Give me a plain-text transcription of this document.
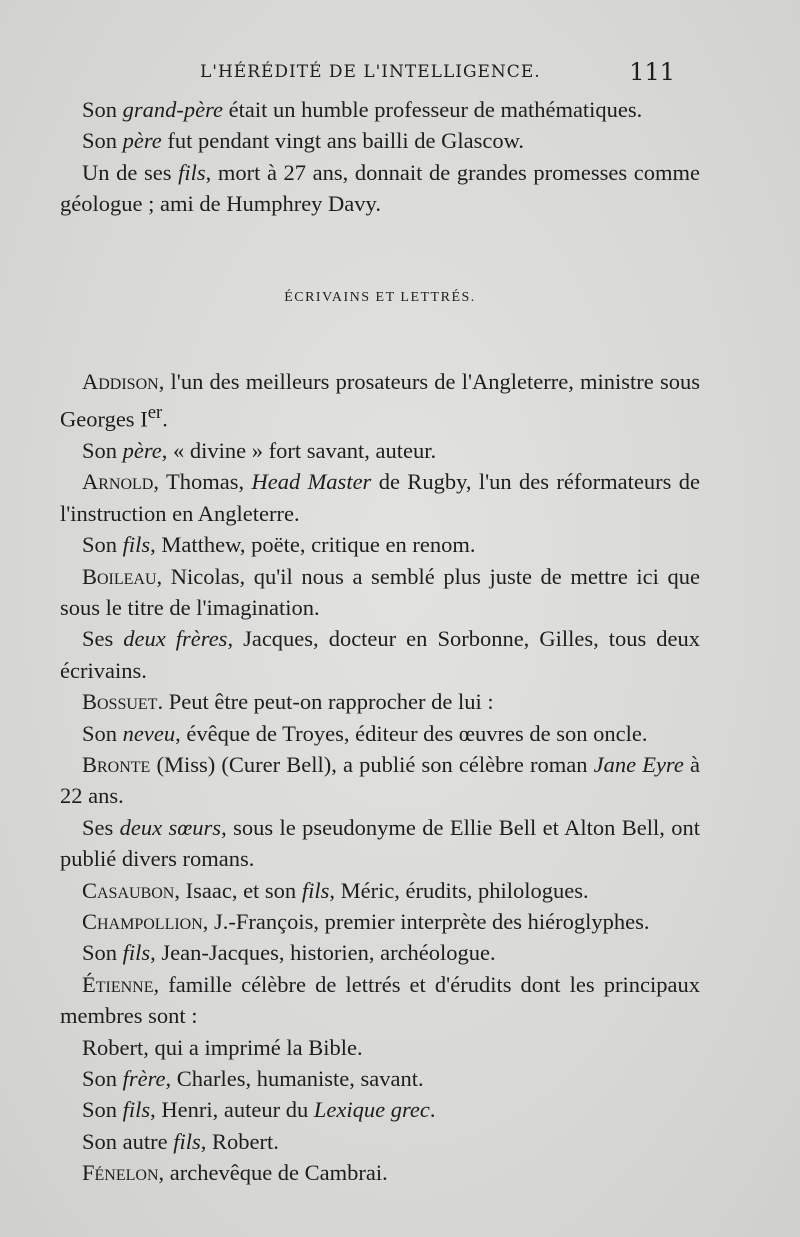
L'HÉRÉDITÉ DE L'INTELLIGENCE.	111

Son grand-père était un humble professeur de mathématiques.

Son père fut pendant vingt ans bailli de Glascow.

Un de ses fils, mort à 27 ans, donnait de grandes promesses comme géologue ; ami de Humphrey Davy.

ÉCRIVAINS ET LETTRÉS.

Addison, l'un des meilleurs prosateurs de l'Angleterre, ministre sous Georges Ier.

Son père, « divine » fort savant, auteur.

Arnold, Thomas, Head Master de Rugby, l'un des réformateurs de l'instruction en Angleterre.

Son fils, Matthew, poëte, critique en renom.

Boileau, Nicolas, qu'il nous a semblé plus juste de mettre ici que sous le titre de l'imagination.

Ses deux frères, Jacques, docteur en Sorbonne, Gilles, tous deux écrivains.

Bossuet. Peut être peut-on rapprocher de lui :

Son neveu, évêque de Troyes, éditeur des œuvres de son oncle.

Bronte (Miss) (Curer Bell), a publié son célèbre roman Jane Eyre à 22 ans.

Ses deux sœurs, sous le pseudonyme de Ellie Bell et Alton Bell, ont publié divers romans.

Casaubon, Isaac, et son fils, Méric, érudits, philologues.

Champollion, J.-François, premier interprète des hiéroglyphes.

Son fils, Jean-Jacques, historien, archéologue.

Étienne, famille célèbre de lettrés et d'érudits dont les principaux membres sont :

Robert, qui a imprimé la Bible.

Son frère, Charles, humaniste, savant.

Son fils, Henri, auteur du Lexique grec.

Son autre fils, Robert.

Fénelon, archevêque de Cambrai.
